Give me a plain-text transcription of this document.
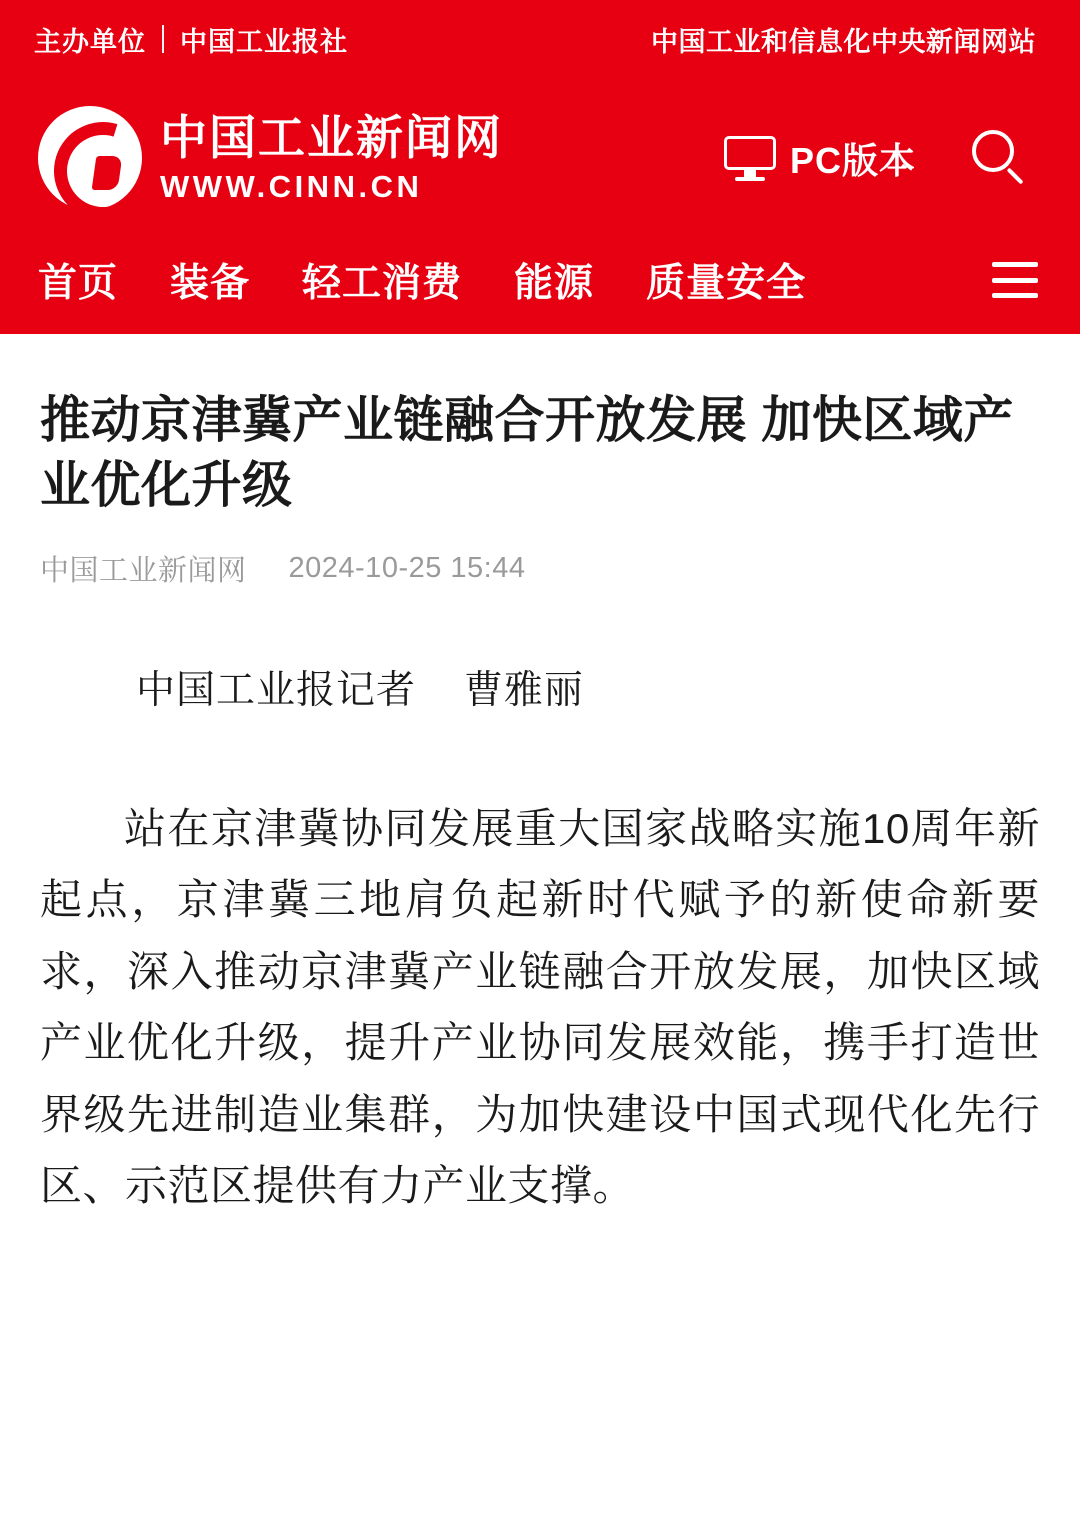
主办单位 中国工业报社	中国工业和信息化中央新闻网站
中国工业新闻网
WWW.CINN.CN
PC版本
首页 装备 轻工消费 能源 质量安全
推动京津冀产业链融合开放发展 加快区域产业优化升级
中国工业新闻网 2024-10-25 15:44
中国工业报记者 曹雅丽

站在京津冀协同发展重大国家战略实施10周年新起点，京津冀三地肩负起新时代赋予的新使命新要求，深入推动京津冀产业链融合开放发展，加快区域产业优化升级，提升产业协同发展效能，携手打造世界级先进制造业集群，为加快建设中国式现代化先行区、示范区提供有力产业支撑。
